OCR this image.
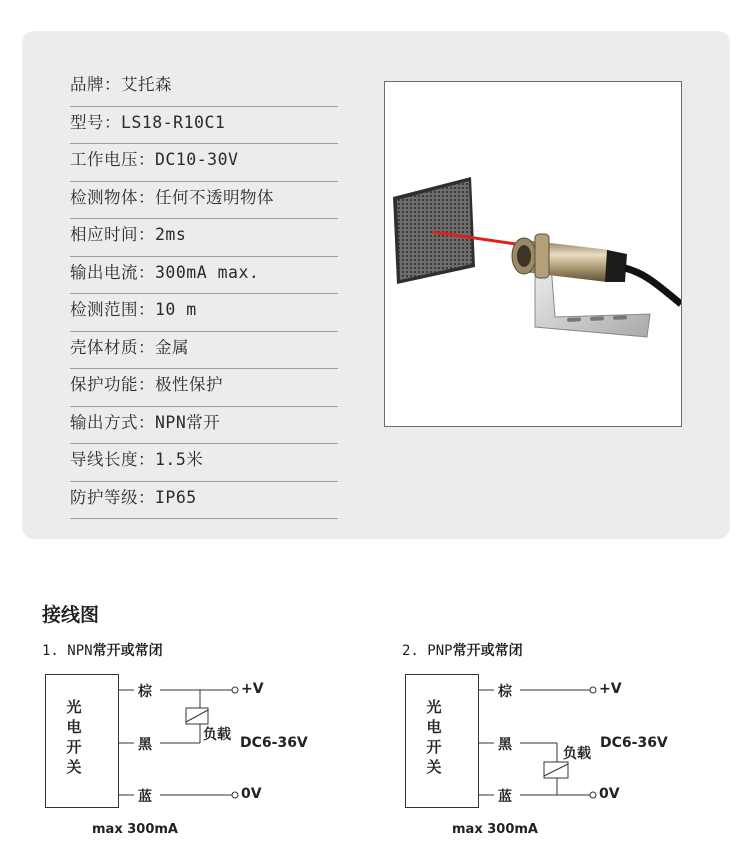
品牌：艾托森
型号：LS18-R10C1
工作电压：DC10-30V
检测物体：任何不透明物体
相应时间：2ms
输出电流：300mA max.
检测范围：10 m
壳体材质：金属
保护功能：极性保护
输出方式：NPN常开
导线长度：1.5米
防护等级：IP65
接线图
1. NPN常开或常闭
光电开关
棕
黑
蓝
+V
0V
负载 DC6-36V
max 300mA
2. PNP常开或常闭
光电开关
棕
黑
蓝
+V
0V
负载
DC6-36V
max 300mA
